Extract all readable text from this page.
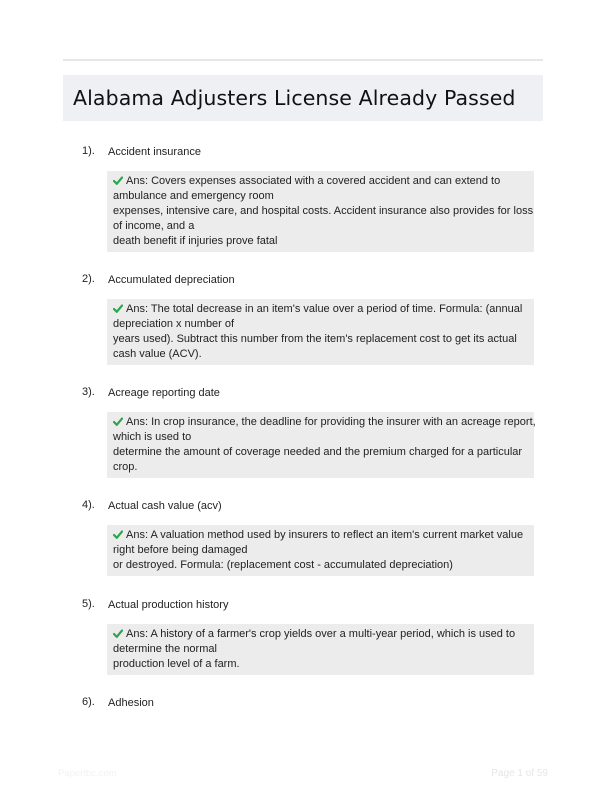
Alabama Adjusters License Already Passed
1). Accident insurance
Ans: Covers expenses associated with a covered accident and can extend to
ambulance and emergency room
expenses, intensive care, and hospital costs. Accident insurance also provides for loss
of income, and a
death benefit if injuries prove fatal
2). Accumulated depreciation
Ans: The total decrease in an item's value over a period of time. Formula: (annual
depreciation x number of
years used). Subtract this number from the item's replacement cost to get its actual
cash value (ACV).
3). Acreage reporting date
Ans: In crop insurance, the deadline for providing the insurer with an acreage report,
which is used to
determine the amount of coverage needed and the premium charged for a particular
crop.
4). Actual cash value (acv)
Ans: A valuation method used by insurers to reflect an item's current market value
right before being damaged
or destroyed. Formula: (replacement cost - accumulated depreciation)
5). Actual production history
Ans: A history of a farmer's crop yields over a multi-year period, which is used to
determine the normal
production level of a farm.
6). Adhesion
Papertbc.com	Page 1 of 59
